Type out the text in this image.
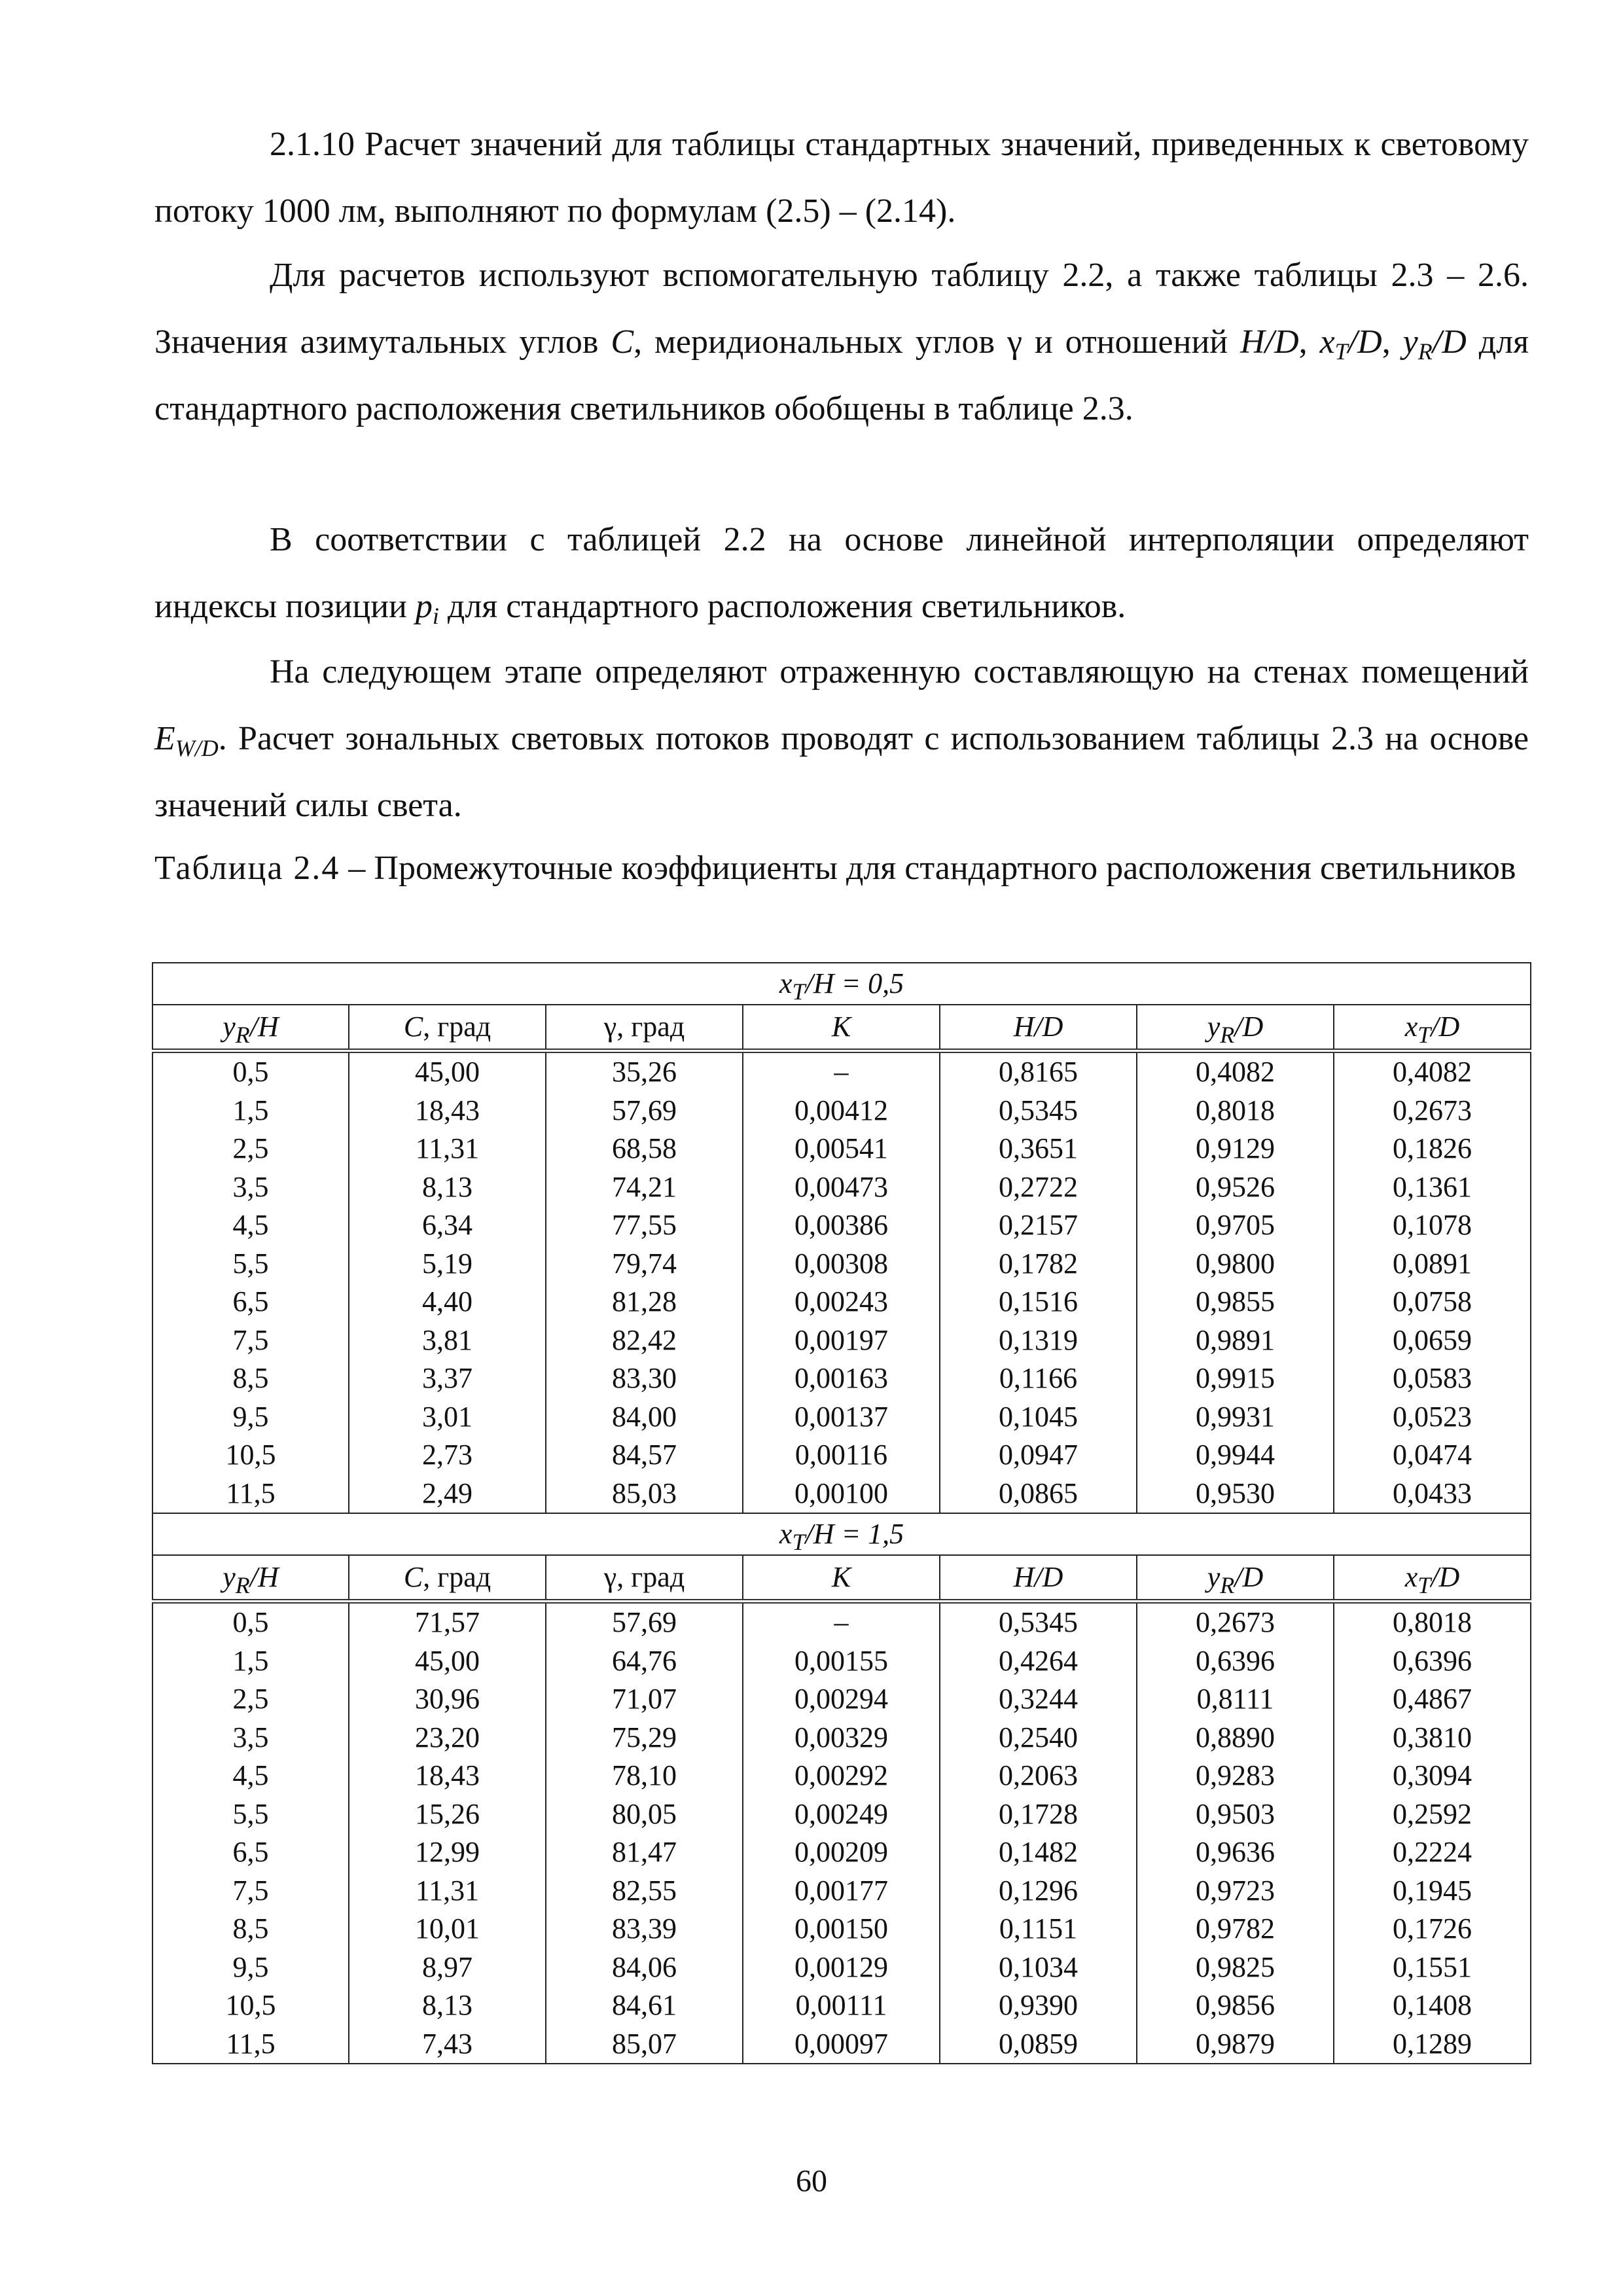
2.1.10 Расчет значений для таблицы стандартных значений, приведенных к световому потоку 1000 лм, выполняют по формулам (2.5) – (2.14).

Для расчетов используют вспомогательную таблицу 2.2, а также таблицы 2.3 – 2.6. Значения азимутальных углов C, меридиональных углов γ и отношений H/D, $x_T/D$, $y_R/D$ для стандартного расположения светильников обобщены в таблице 2.3.

В соответствии с таблицей 2.2 на основе линейной интерполяции определяют индексы позиции $p_i$ для стандартного расположения светильников.

На следующем этапе определяют отраженную составляющую на стенах помещений $E_{W/D}$. Расчет зональных световых потоков проводят с использованием таблицы 2.3 на основе значений силы света.

Таблица 2.4 – Промежуточные коэффициенты для стандартного расположения светильников

$x_T/H = 0,5$						
$y_R/H$	C, град	γ, град	K	H/D	$y_R/D$	$x_T/D$
0,5	45,00	35,26	–	0,8165	0,4082	0,4082
1,5	18,43	57,69	0,00412	0,5345	0,8018	0,2673
2,5	11,31	68,58	0,00541	0,3651	0,9129	0,1826
3,5	8,13	74,21	0,00473	0,2722	0,9526	0,1361
4,5	6,34	77,55	0,00386	0,2157	0,9705	0,1078
5,5	5,19	79,74	0,00308	0,1782	0,9800	0,0891
6,5	4,40	81,28	0,00243	0,1516	0,9855	0,0758
7,5	3,81	82,42	0,00197	0,1319	0,9891	0,0659
8,5	3,37	83,30	0,00163	0,1166	0,9915	0,0583
9,5	3,01	84,00	0,00137	0,1045	0,9931	0,0523
10,5	2,73	84,57	0,00116	0,0947	0,9944	0,0474
11,5	2,49	85,03	0,00100	0,0865	0,9530	0,0433
$x_T/H = 1,5$						
$y_R/H$	C, град	γ, град	K	H/D	$y_R/D$	$x_T/D$
0,5	71,57	57,69	–	0,5345	0,2673	0,8018
1,5	45,00	64,76	0,00155	0,4264	0,6396	0,6396
2,5	30,96	71,07	0,00294	0,3244	0,8111	0,4867
3,5	23,20	75,29	0,00329	0,2540	0,8890	0,3810
4,5	18,43	78,10	0,00292	0,2063	0,9283	0,3094
5,5	15,26	80,05	0,00249	0,1728	0,9503	0,2592
6,5	12,99	81,47	0,00209	0,1482	0,9636	0,2224
7,5	11,31	82,55	0,00177	0,1296	0,9723	0,1945
8,5	10,01	83,39	0,00150	0,1151	0,9782	0,1726
9,5	8,97	84,06	0,00129	0,1034	0,9825	0,1551
10,5	8,13	84,61	0,00111	0,9390	0,9856	0,1408
11,5	7,43	85,07	0,00097	0,0859	0,9879	0,1289
60
